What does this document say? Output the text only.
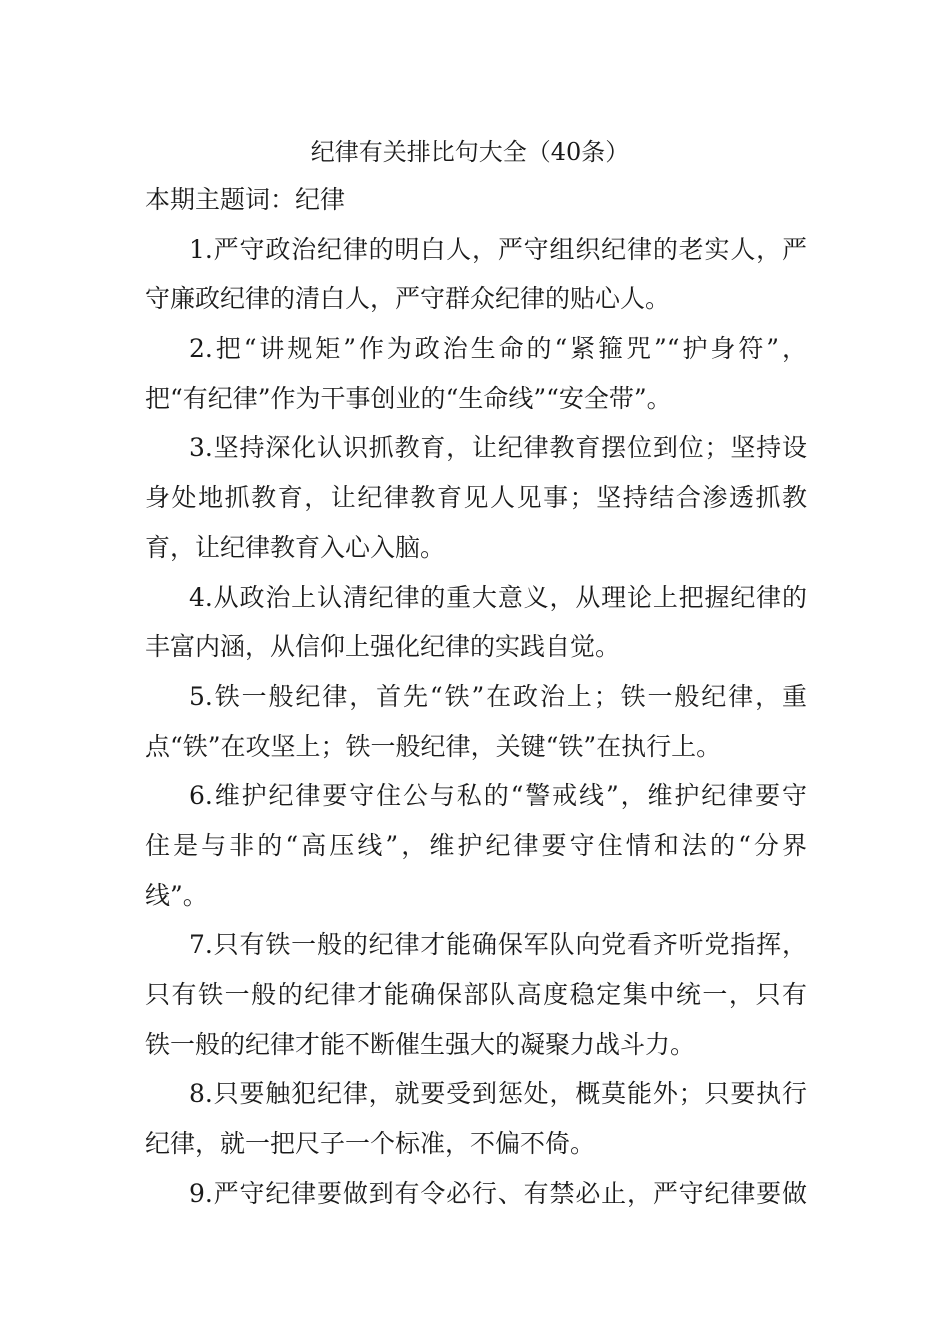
纪律有关排比句大全（40条）
本期主题词：纪律
1.严守政治纪律的明白人，严守组织纪律的老实人，严
守廉政纪律的清白人，严守群众纪律的贴心人。
2.把“讲规矩”作为政治生命的“紧箍咒”“护身符”，
把“有纪律”作为干事创业的“生命线”“安全带”。
3.坚持深化认识抓教育，让纪律教育摆位到位；坚持设
身处地抓教育，让纪律教育见人见事；坚持结合渗透抓教
育，让纪律教育入心入脑。
4.从政治上认清纪律的重大意义，从理论上把握纪律的
丰富内涵，从信仰上强化纪律的实践自觉。
5.铁一般纪律，首先“铁”在政治上；铁一般纪律，重
点“铁”在攻坚上；铁一般纪律，关键“铁”在执行上。
6.维护纪律要守住公与私的“警戒线”，维护纪律要守
住是与非的“高压线”，维护纪律要守住情和法的“分界
线”。
7.只有铁一般的纪律才能确保军队向党看齐听党指挥，
只有铁一般的纪律才能确保部队高度稳定集中统一，只有
铁一般的纪律才能不断催生强大的凝聚力战斗力。
8.只要触犯纪律，就要受到惩处，概莫能外；只要执行
纪律，就一把尺子一个标准，不偏不倚。
9.严守纪律要做到有令必行、有禁必止，严守纪律要做
